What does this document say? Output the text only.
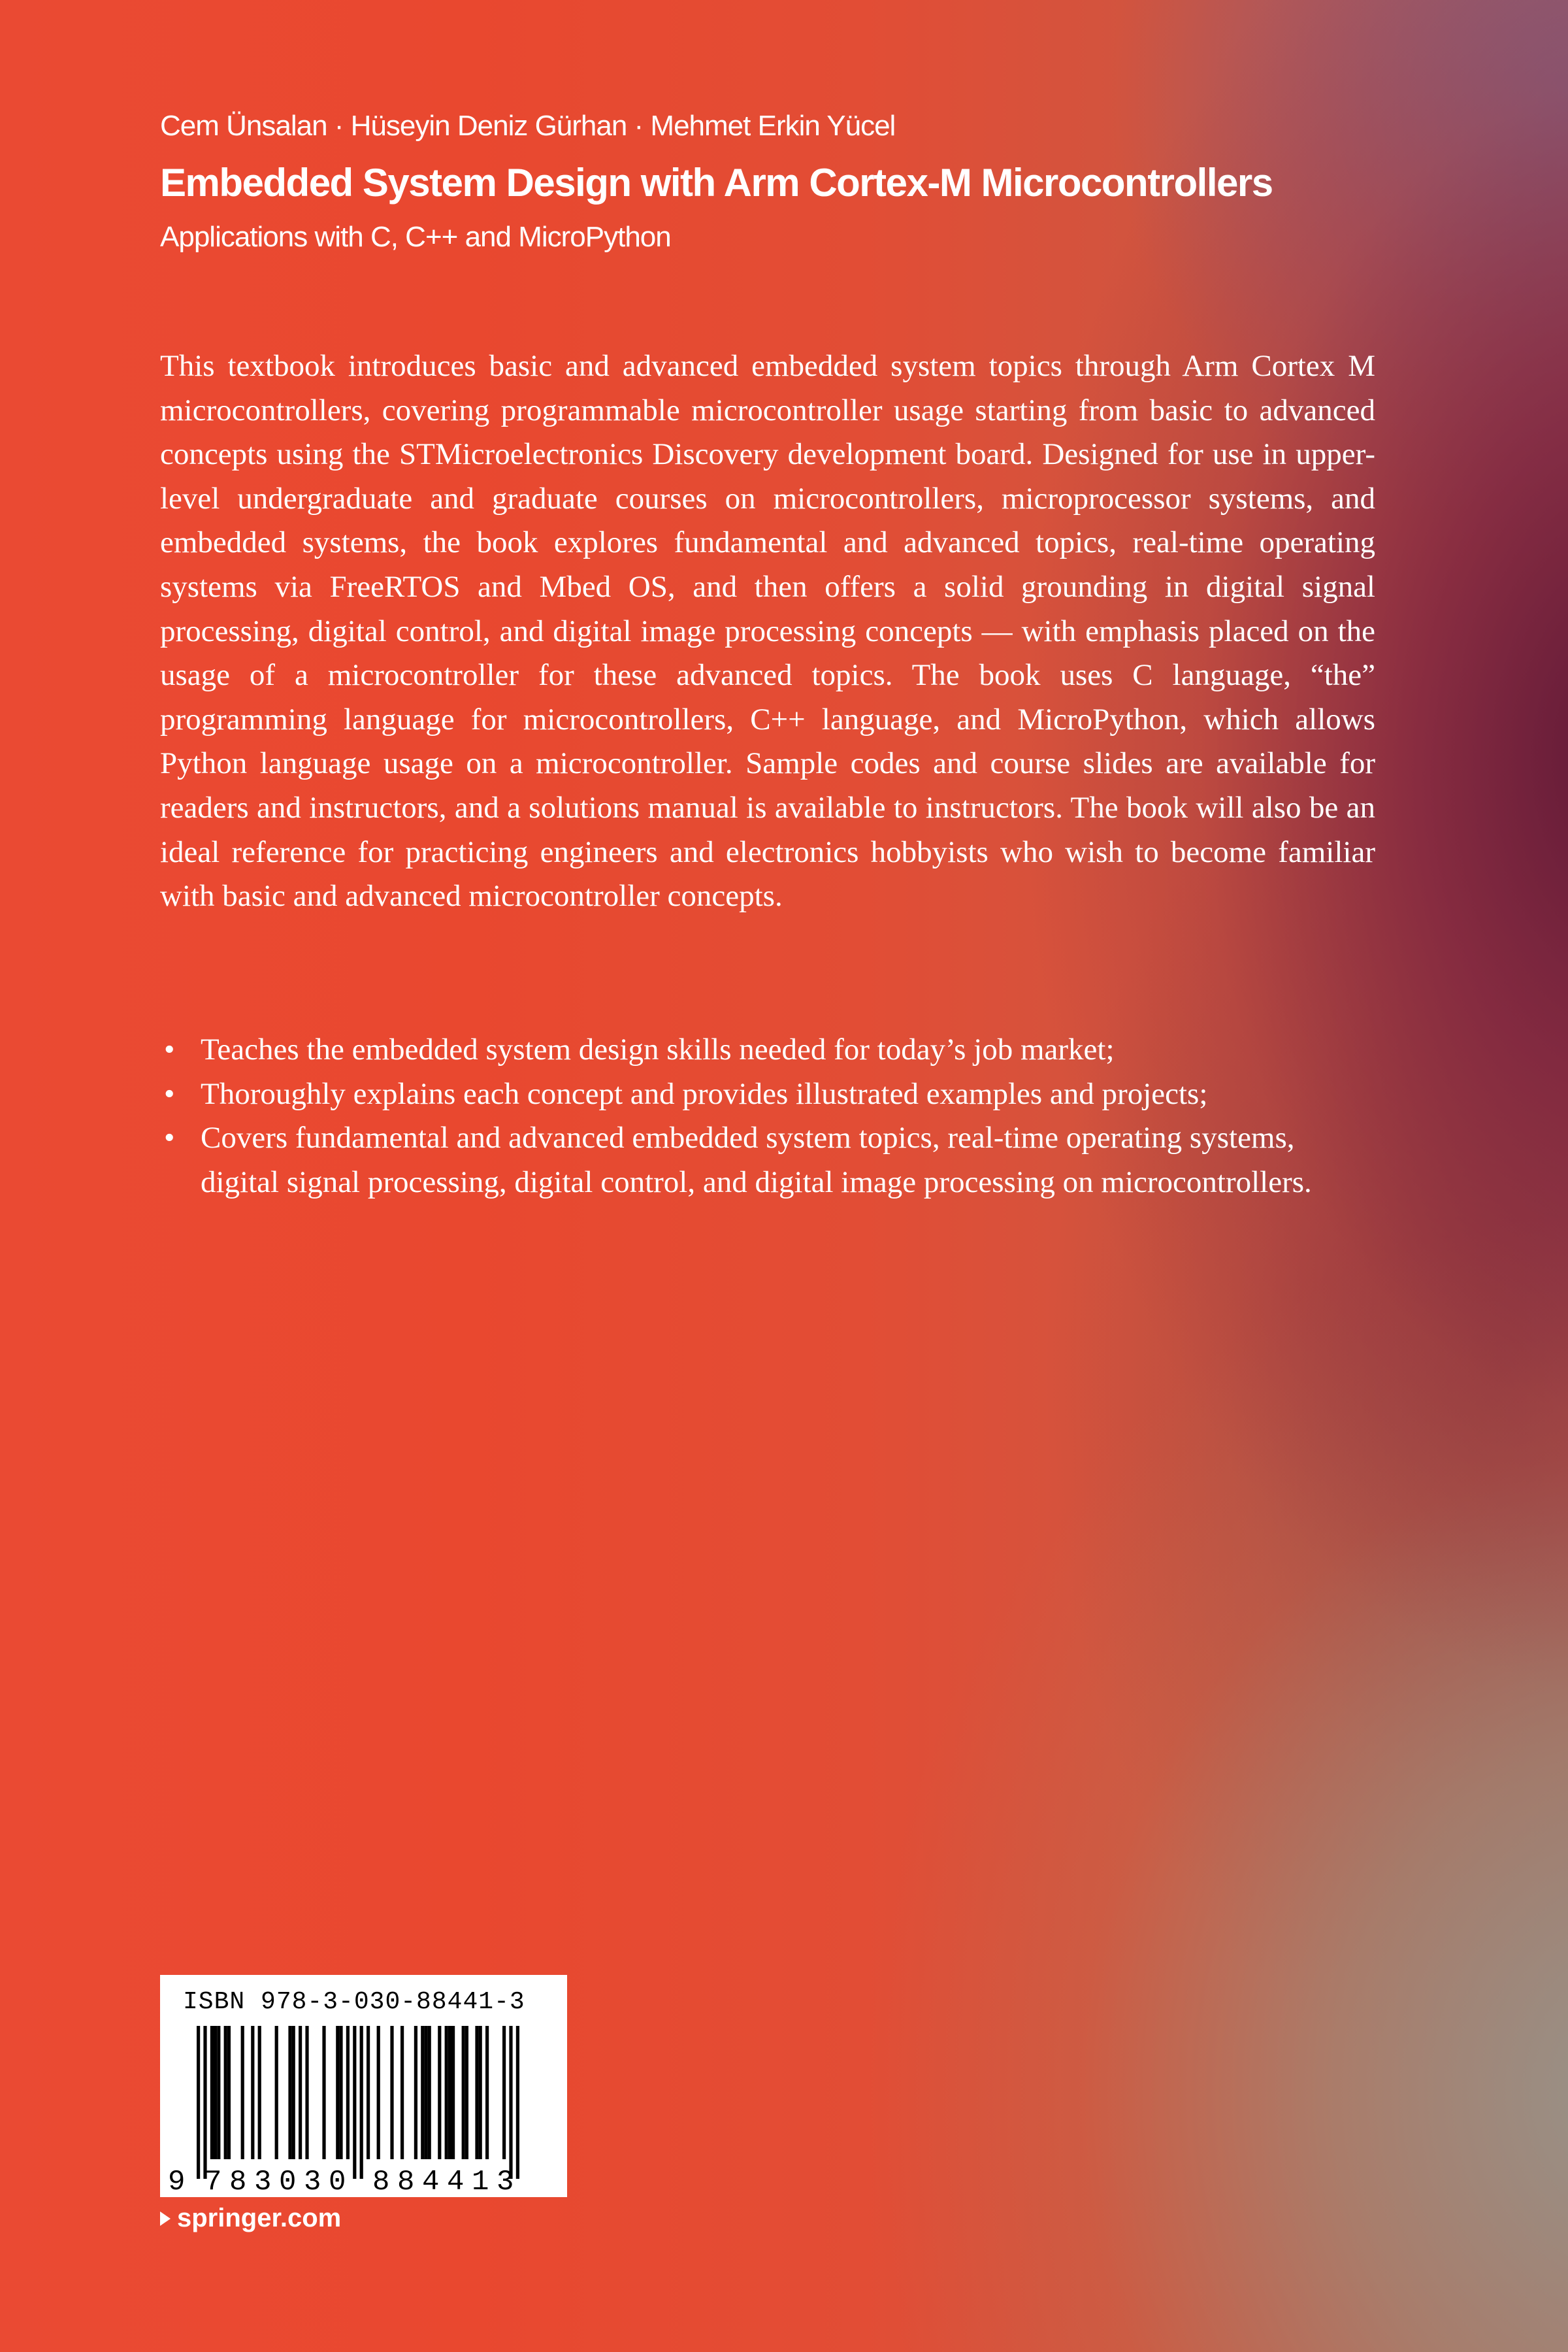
Cem Ünsalan · Hüseyin Deniz Gürhan · Mehmet Erkin Yücel
Embedded System Design with Arm Cortex-M Microcontrollers
Applications with C, C++ and MicroPython

This textbook introduces basic and advanced embedded system topics through Arm Cortex M microcontrollers, covering programmable microcontroller usage starting from basic to advanced concepts using the STMicroelectronics Discovery development board. Designed for use in upper-level undergraduate and graduate courses on microcontrollers, microprocessor systems, and embedded systems, the book explores fundamental and advanced topics, real-time operating systems via FreeRTOS and Mbed OS, and then offers a solid grounding in digital signal processing, digital control, and digital image processing concepts — with emphasis placed on the usage of a microcontroller for these advanced topics. The book uses C language, “the” programming language for microcontrollers, C++ language, and MicroPython, which allows Python language usage on a microcontroller. Sample codes and course slides are available for readers and instructors, and a solutions manual is available to instructors. The book will also be an ideal reference for practicing engineers and electronics hobbyists who wish to become familiar with basic and advanced microcontroller concepts.

• Teaches the embedded system design skills needed for today’s job market;
• Thoroughly explains each concept and provides illustrated examples and projects;
• Covers fundamental and advanced embedded system topics, real-time operating systems, digital signal processing, digital control, and digital image processing on microcontrollers.
ISBN 978-3-030-88441-3
9 7 8 3 0 3 0 8 8 4 4 1 3
springer.com
